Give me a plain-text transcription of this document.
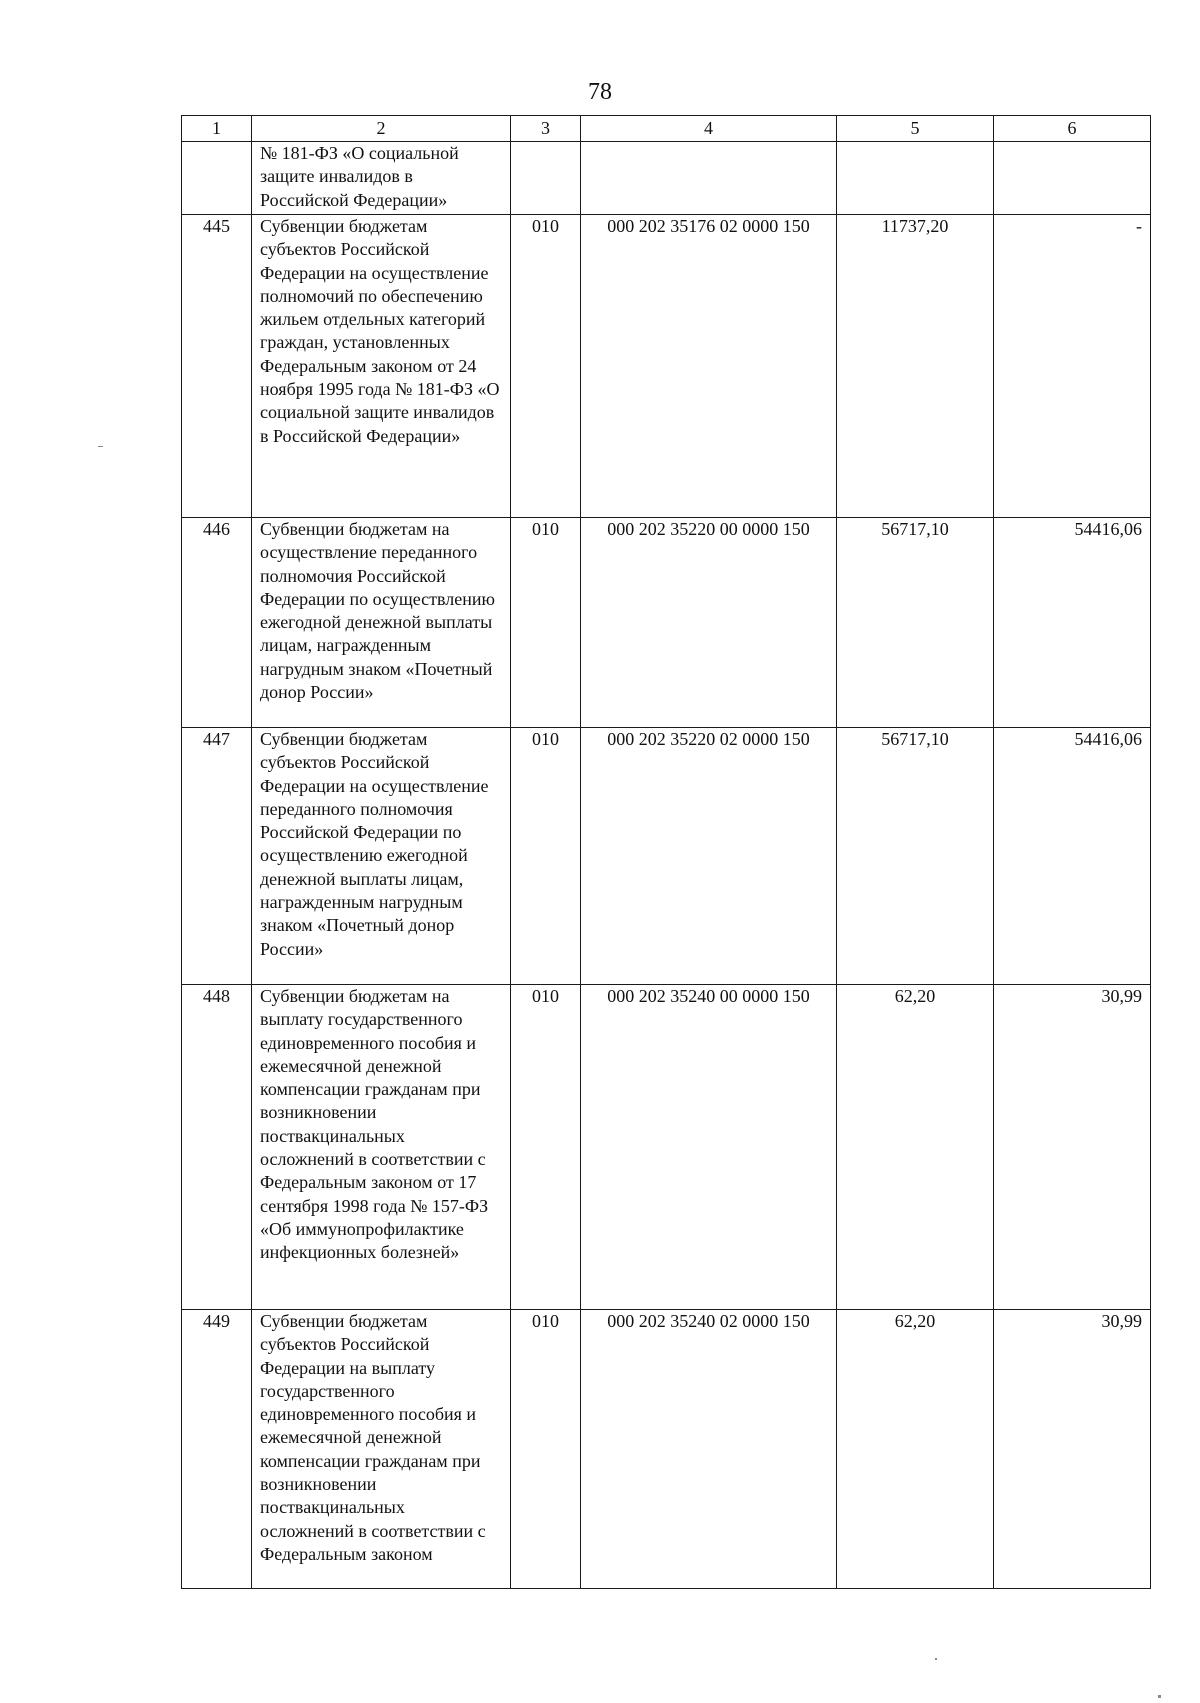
78
1	2	3	4	5	6
	№ 181-ФЗ «О социальной защите инвалидов в Российской Федерации»				
445	Субвенции бюджетам субъектов Российской Федерации на осуществление полномочий по обеспечению жильем отдельных категорий граждан, установленных Федеральным законом от 24 ноября 1995 года № 181-ФЗ «О социальной защите инвалидов в Российской Федерации»	010	000 202 35176 02 0000 150	11737,20	-
446	Субвенции бюджетам на осуществление переданного полномочия Российской Федерации по осуществлению ежегодной денежной выплаты лицам, награжденным нагрудным знаком «Почетный донор России»	010	000 202 35220 00 0000 150	56717,10	54416,06
447	Субвенции бюджетам субъектов Российской Федерации на осуществление переданного полномочия Российской Федерации по осуществлению ежегодной денежной выплаты лицам, награжденным нагрудным знаком «Почетный донор России»	010	000 202 35220 02 0000 150	56717,10	54416,06
448	Субвенции бюджетам на выплату государственного единовременного пособия и ежемесячной денежной компенсации гражданам при возникновении поствакцинальных осложнений в соответствии с Федеральным законом от 17 сентября 1998 года № 157-ФЗ «Об иммунопрофилактике инфекционных болезней»	010	000 202 35240 00 0000 150	62,20	30,99
449	Субвенции бюджетам субъектов Российской Федерации на выплату государственного единовременного пособия и ежемесячной денежной компенсации гражданам при возникновении поствакцинальных осложнений в соответствии с Федеральным законом	010	000 202 35240 02 0000 150	62,20	30,99
